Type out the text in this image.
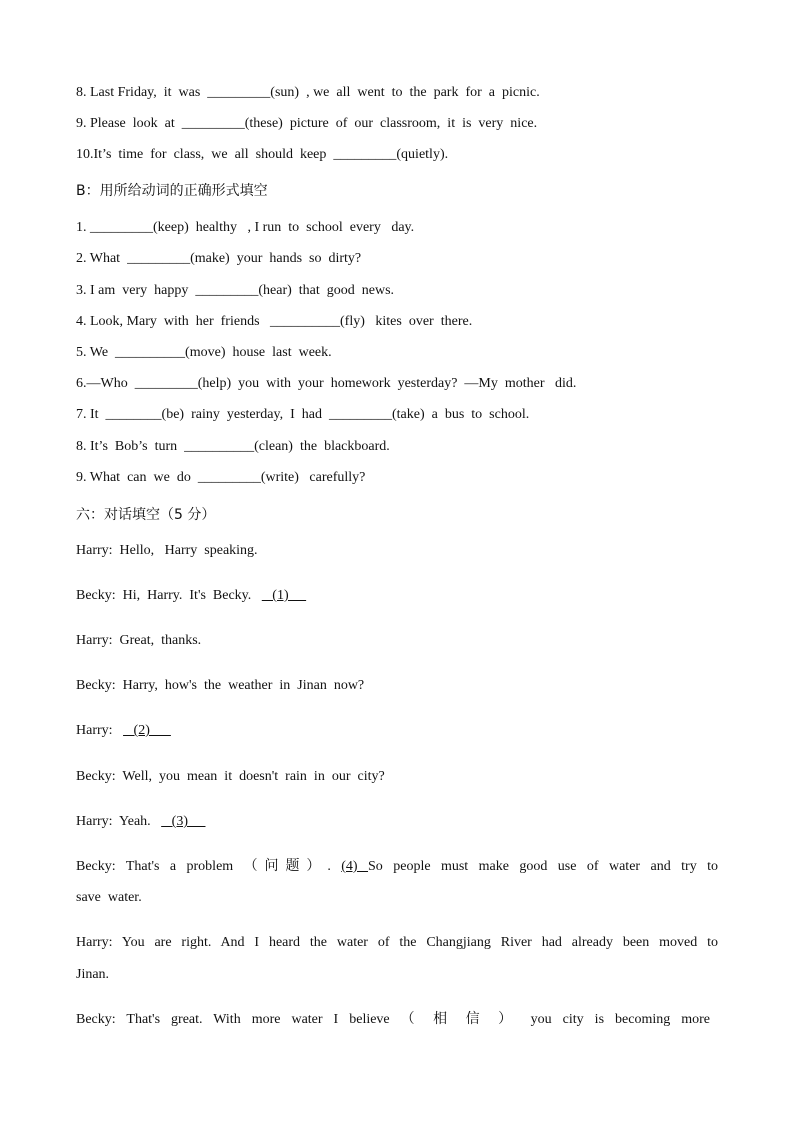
8. Last Friday,  it  was  _________(sun)  , we  all  went  to  the  park  for  a  picnic.
9. Please  look  at  _________(these)  picture  of  our  classroom,  it  is  very  nice.
10.It’s  time  for  class,  we  all  should  keep  _________(quietly).
B：用所给动词的正确形式填空
1. _________(keep)  healthy   , I run  to  school  every   day.
2. What  _________(make)  your  hands  so  dirty?
3. I am  very  happy  _________(hear)  that  good  news.
4. Look, Mary  with  her  friends   __________(fly)   kites  over  there.
5. We  __________(move)  house  last  week.
6.—Who  _________(help)  you  with  your  homework  yesterday?  —My  mother   did.
7. It  ________(be)  rainy  yesterday,  I  had  _________(take)  a  bus  to  school.
8. It’s  Bob’s  turn  __________(clean)  the  blackboard.
9. What  can  we  do  _________(write)   carefully?
六：对话填空（5 分）
Harry:  Hello,   Harry  speaking.
Becky:  Hi,  Harry.  It's  Becky.      (1)
Harry:  Great,  thanks.
Becky:  Harry,  how's  the  weather  in  Jinan  now?
Harry:      (2)
Becky:  Well,  you  mean  it  doesn't  rain  in  our  city?
Harry:  Yeah.      (3)
Becky: That's a problem （问题）. (4) So people must make good use of water and try to
save  water.
Harry: You are right. And I heard the water of the Changjiang River had already been moved to
Jinan.
Becky: That's great. With more water I believe （ 相 信 ） you city is becoming more
